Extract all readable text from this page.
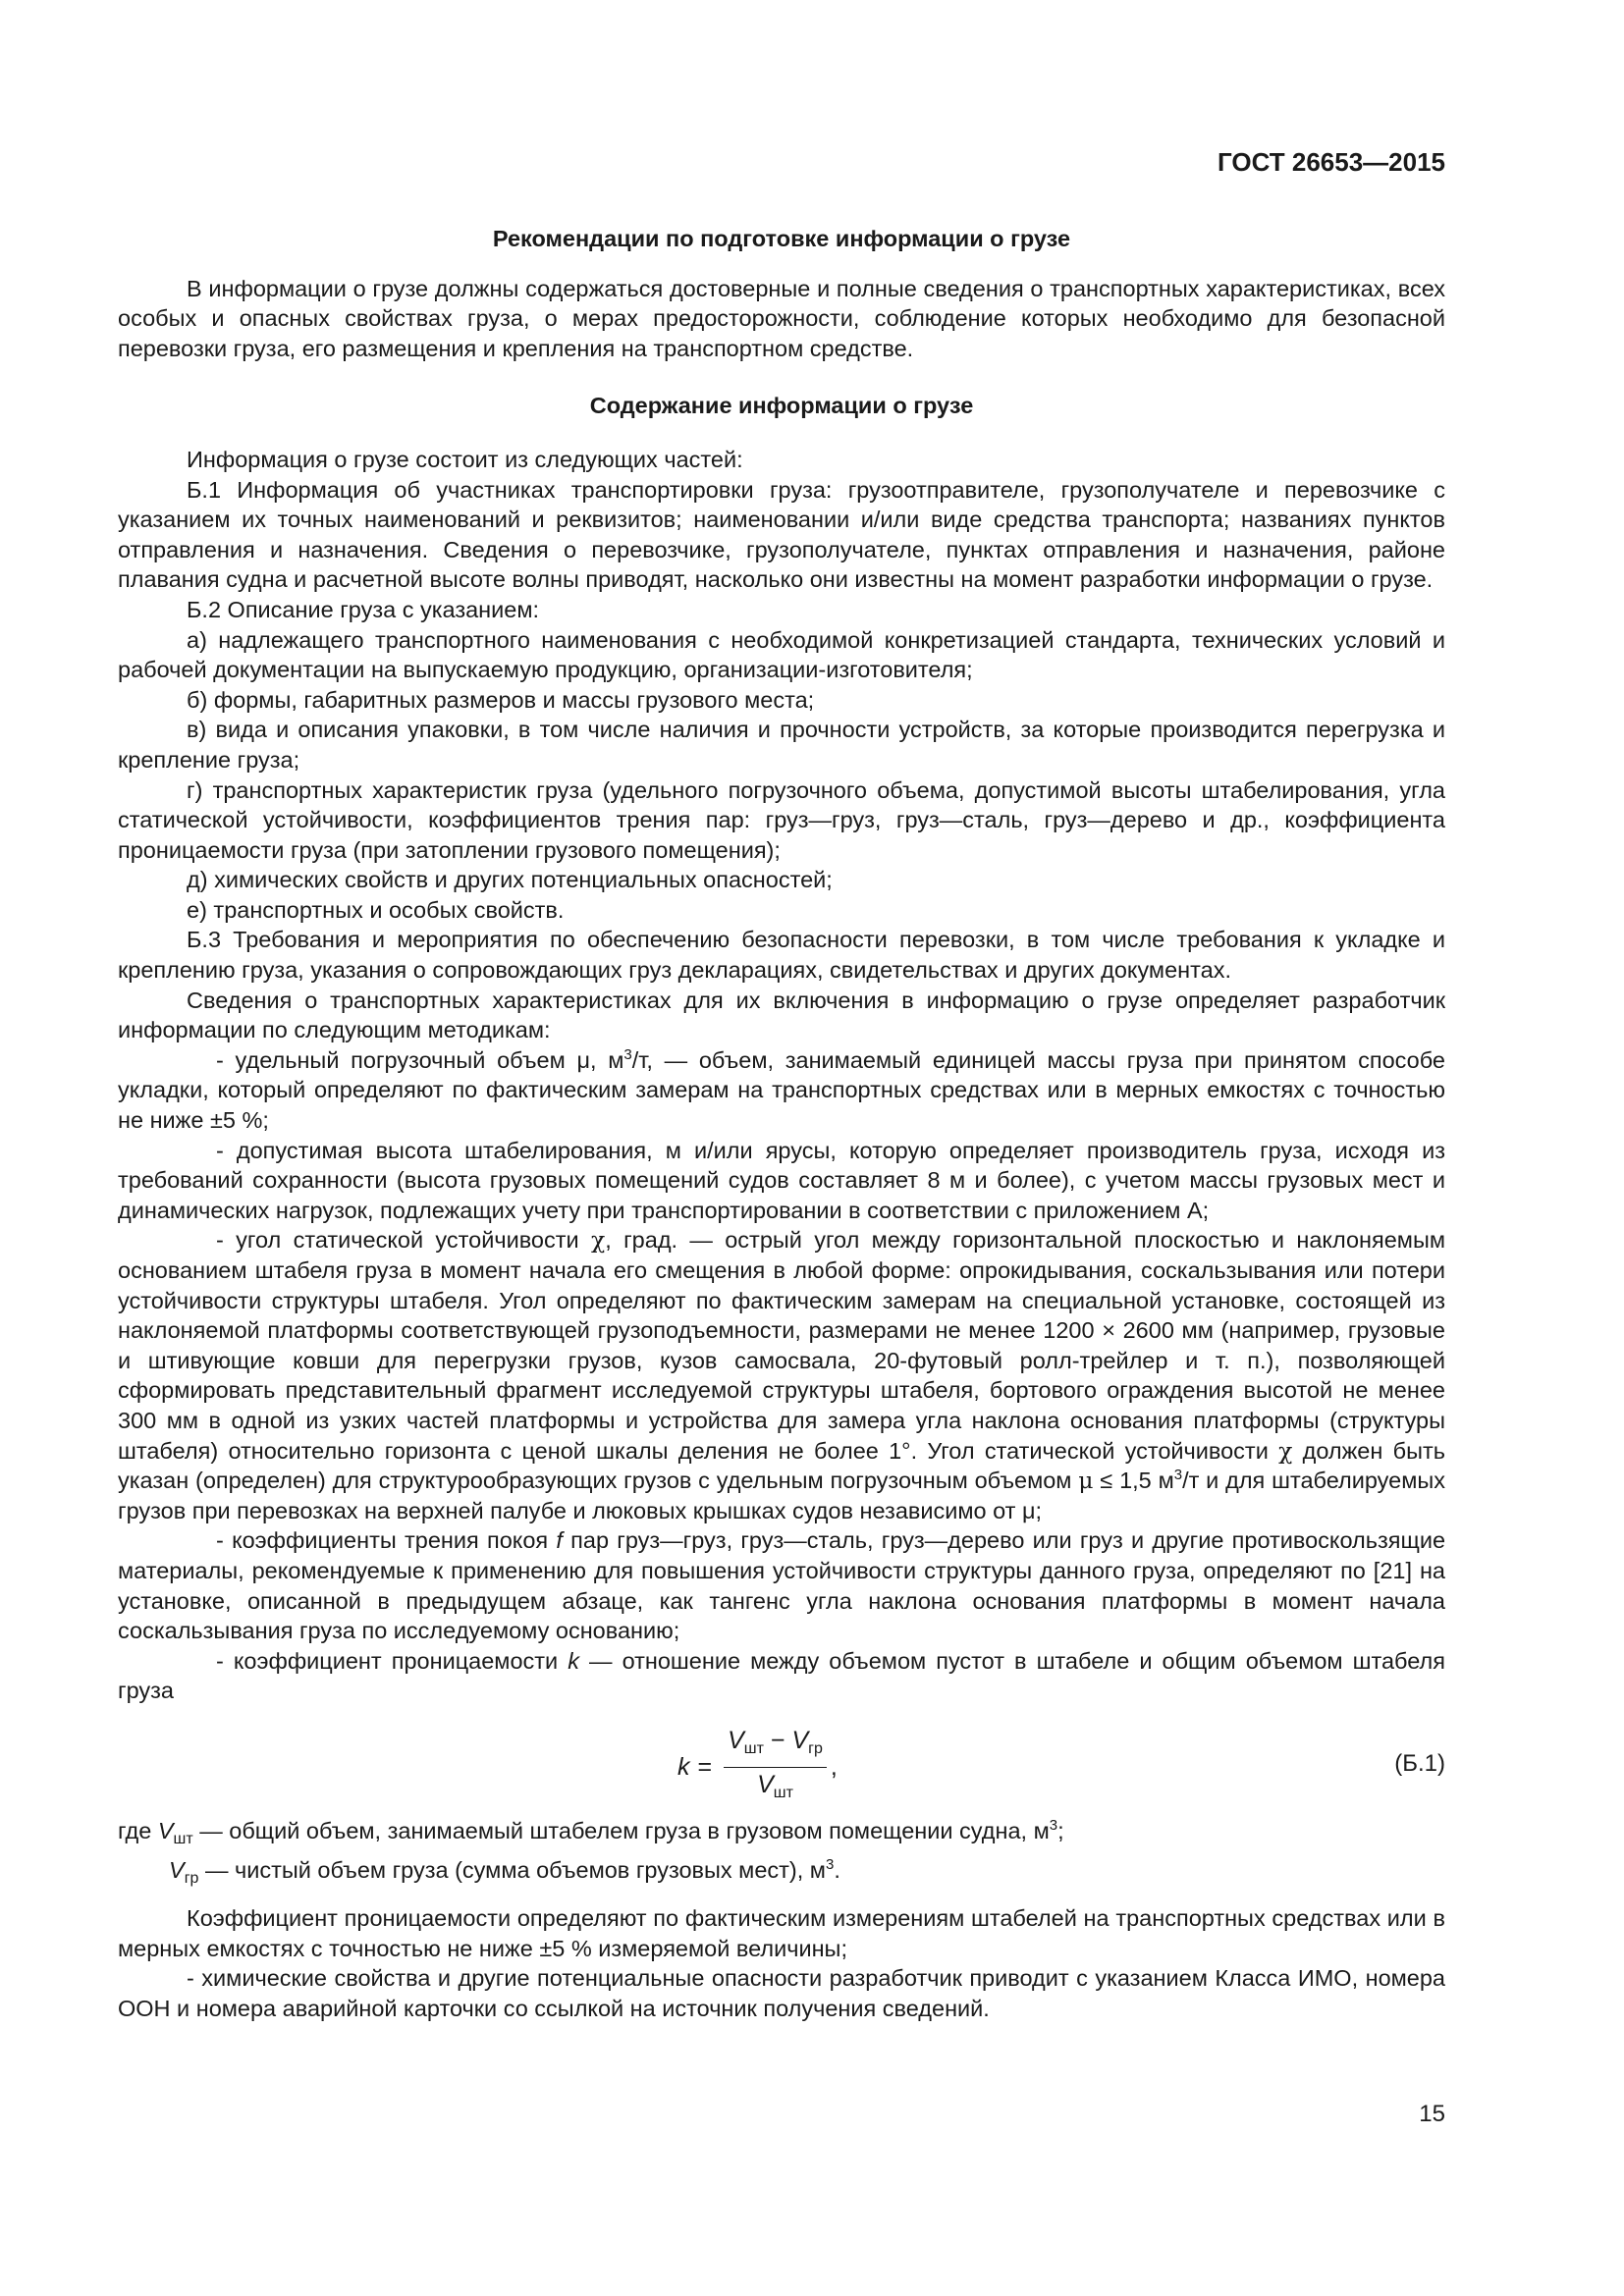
ГОСТ 26653—2015
Рекомендации по подготовке информации о грузе

В информации о грузе должны содержаться достоверные и полные сведения о транспортных характеристиках, всех особых и опасных свойствах груза, о мерах предосторожности, соблюдение которых необходимо для безопасной перевозки груза, его размещения и крепления на транспортном средстве.

Содержание информации о грузе

Информация о грузе состоит из следующих частей:

Б.1 Информация об участниках транспортировки груза: грузоотправителе, грузополучателе и перевозчике с указанием их точных наименований и реквизитов; наименовании и/или виде средства транспорта; названиях пунктов отправления и назначения. Сведения о перевозчике, грузополучателе, пунктах отправления и назначения, районе плавания судна и расчетной высоте волны приводят, насколько они известны на момент разработки информации о грузе.

Б.2 Описание груза с указанием:

а) надлежащего транспортного наименования с необходимой конкретизацией стандарта, технических условий и рабочей документации на выпускаемую продукцию, организации-изготовителя;

б) формы, габаритных размеров и массы грузового места;

в) вида и описания упаковки, в том числе наличия и прочности устройств, за которые производится перегрузка и крепление груза;

г) транспортных характеристик груза (удельного погрузочного объема, допустимой высоты штабелирования, угла статической устойчивости, коэффициентов трения пар: груз—груз, груз—сталь, груз—дерево и др., коэффициента проницаемости груза (при затоплении грузового помещения);

д) химических свойств и других потенциальных опасностей;

е) транспортных и особых свойств.

Б.3 Требования и мероприятия по обеспечению безопасности перевозки, в том числе требования к укладке и креплению груза, указания о сопровождающих груз декларациях, свидетельствах и других документах.

Сведения о транспортных характеристиках для их включения в информацию о грузе определяет разработчик информации по следующим методикам:

- удельный погрузочный объем μ, $м^3/т$, — объем, занимаемый единицей массы груза при принятом способе укладки, который определяют по фактическим замерам на транспортных средствах или в мерных емкостях с точностью не ниже ±5 %;

- допустимая высота штабелирования, м и/или ярусы, которую определяет производитель груза, исходя из требований сохранности (высота грузовых помещений судов составляет 8 м и более), с учетом массы грузовых мест и динамических нагрузок, подлежащих учету при транспортировании в соответствии с приложением А;

- угол статической устойчивости χ, град. — острый угол между горизонтальной плоскостью и наклоняемым основанием штабеля груза в момент начала его смещения в любой форме: опрокидывания, соскальзывания или потери устойчивости структуры штабеля. Угол определяют по фактическим замерам на специальной установке, состоящей из наклоняемой платформы соответствующей грузоподъемности, размерами не менее 1200 × 2600 мм (например, грузовые и штивующие ковши для перегрузки грузов, кузов самосвала, 20-футовый ролл-трейлер и т. п.), позволяющей сформировать представительный фрагмент исследуемой структуры штабеля, бортового ограждения высотой не менее 300 мм в одной из узких частей платформы и устройства для замера угла наклона основания платформы (структуры штабеля) относительно горизонта с ценой шкалы деления не более 1°. Угол статической устойчивости χ должен быть указан (определен) для структурообразующих грузов с удельным погрузочным объемом μ ≤ 1,5 $м^3/т$ и для штабелируемых грузов при перевозках на верхней палубе и люковых крышках судов независимо от μ;

- коэффициенты трения покоя f пар груз—груз, груз—сталь, груз—дерево или груз и другие противоскользящие материалы, рекомендуемые к применению для повышения устойчивости структуры данного груза, определяют по [21] на установке, описанной в предыдущем абзаце, как тангенс угла наклона основания платформы в момент начала соскальзывания груза по исследуемому основанию;

- коэффициент проницаемости k — отношение между объемом пустот в штабеле и общим объемом штабеля груза

$k = \frac{V_{шт} - V_{гр}}{V_{шт}}$ ,	(Б.1)

где $V_{шт}$ — общий объем, занимаемый штабелем груза в грузовом помещении судна, $м^3$;

$V_{гр}$ — чистый объем груза (сумма объемов грузовых мест), $м^3$.

Коэффициент проницаемости определяют по фактическим измерениям штабелей на транспортных средствах или в мерных емкостях с точностью не ниже ±5 % измеряемой величины;

- химические свойства и другие потенциальные опасности разработчик приводит с указанием Класса ИМО, номера ООН и номера аварийной карточки со ссылкой на источник получения сведений.

15
